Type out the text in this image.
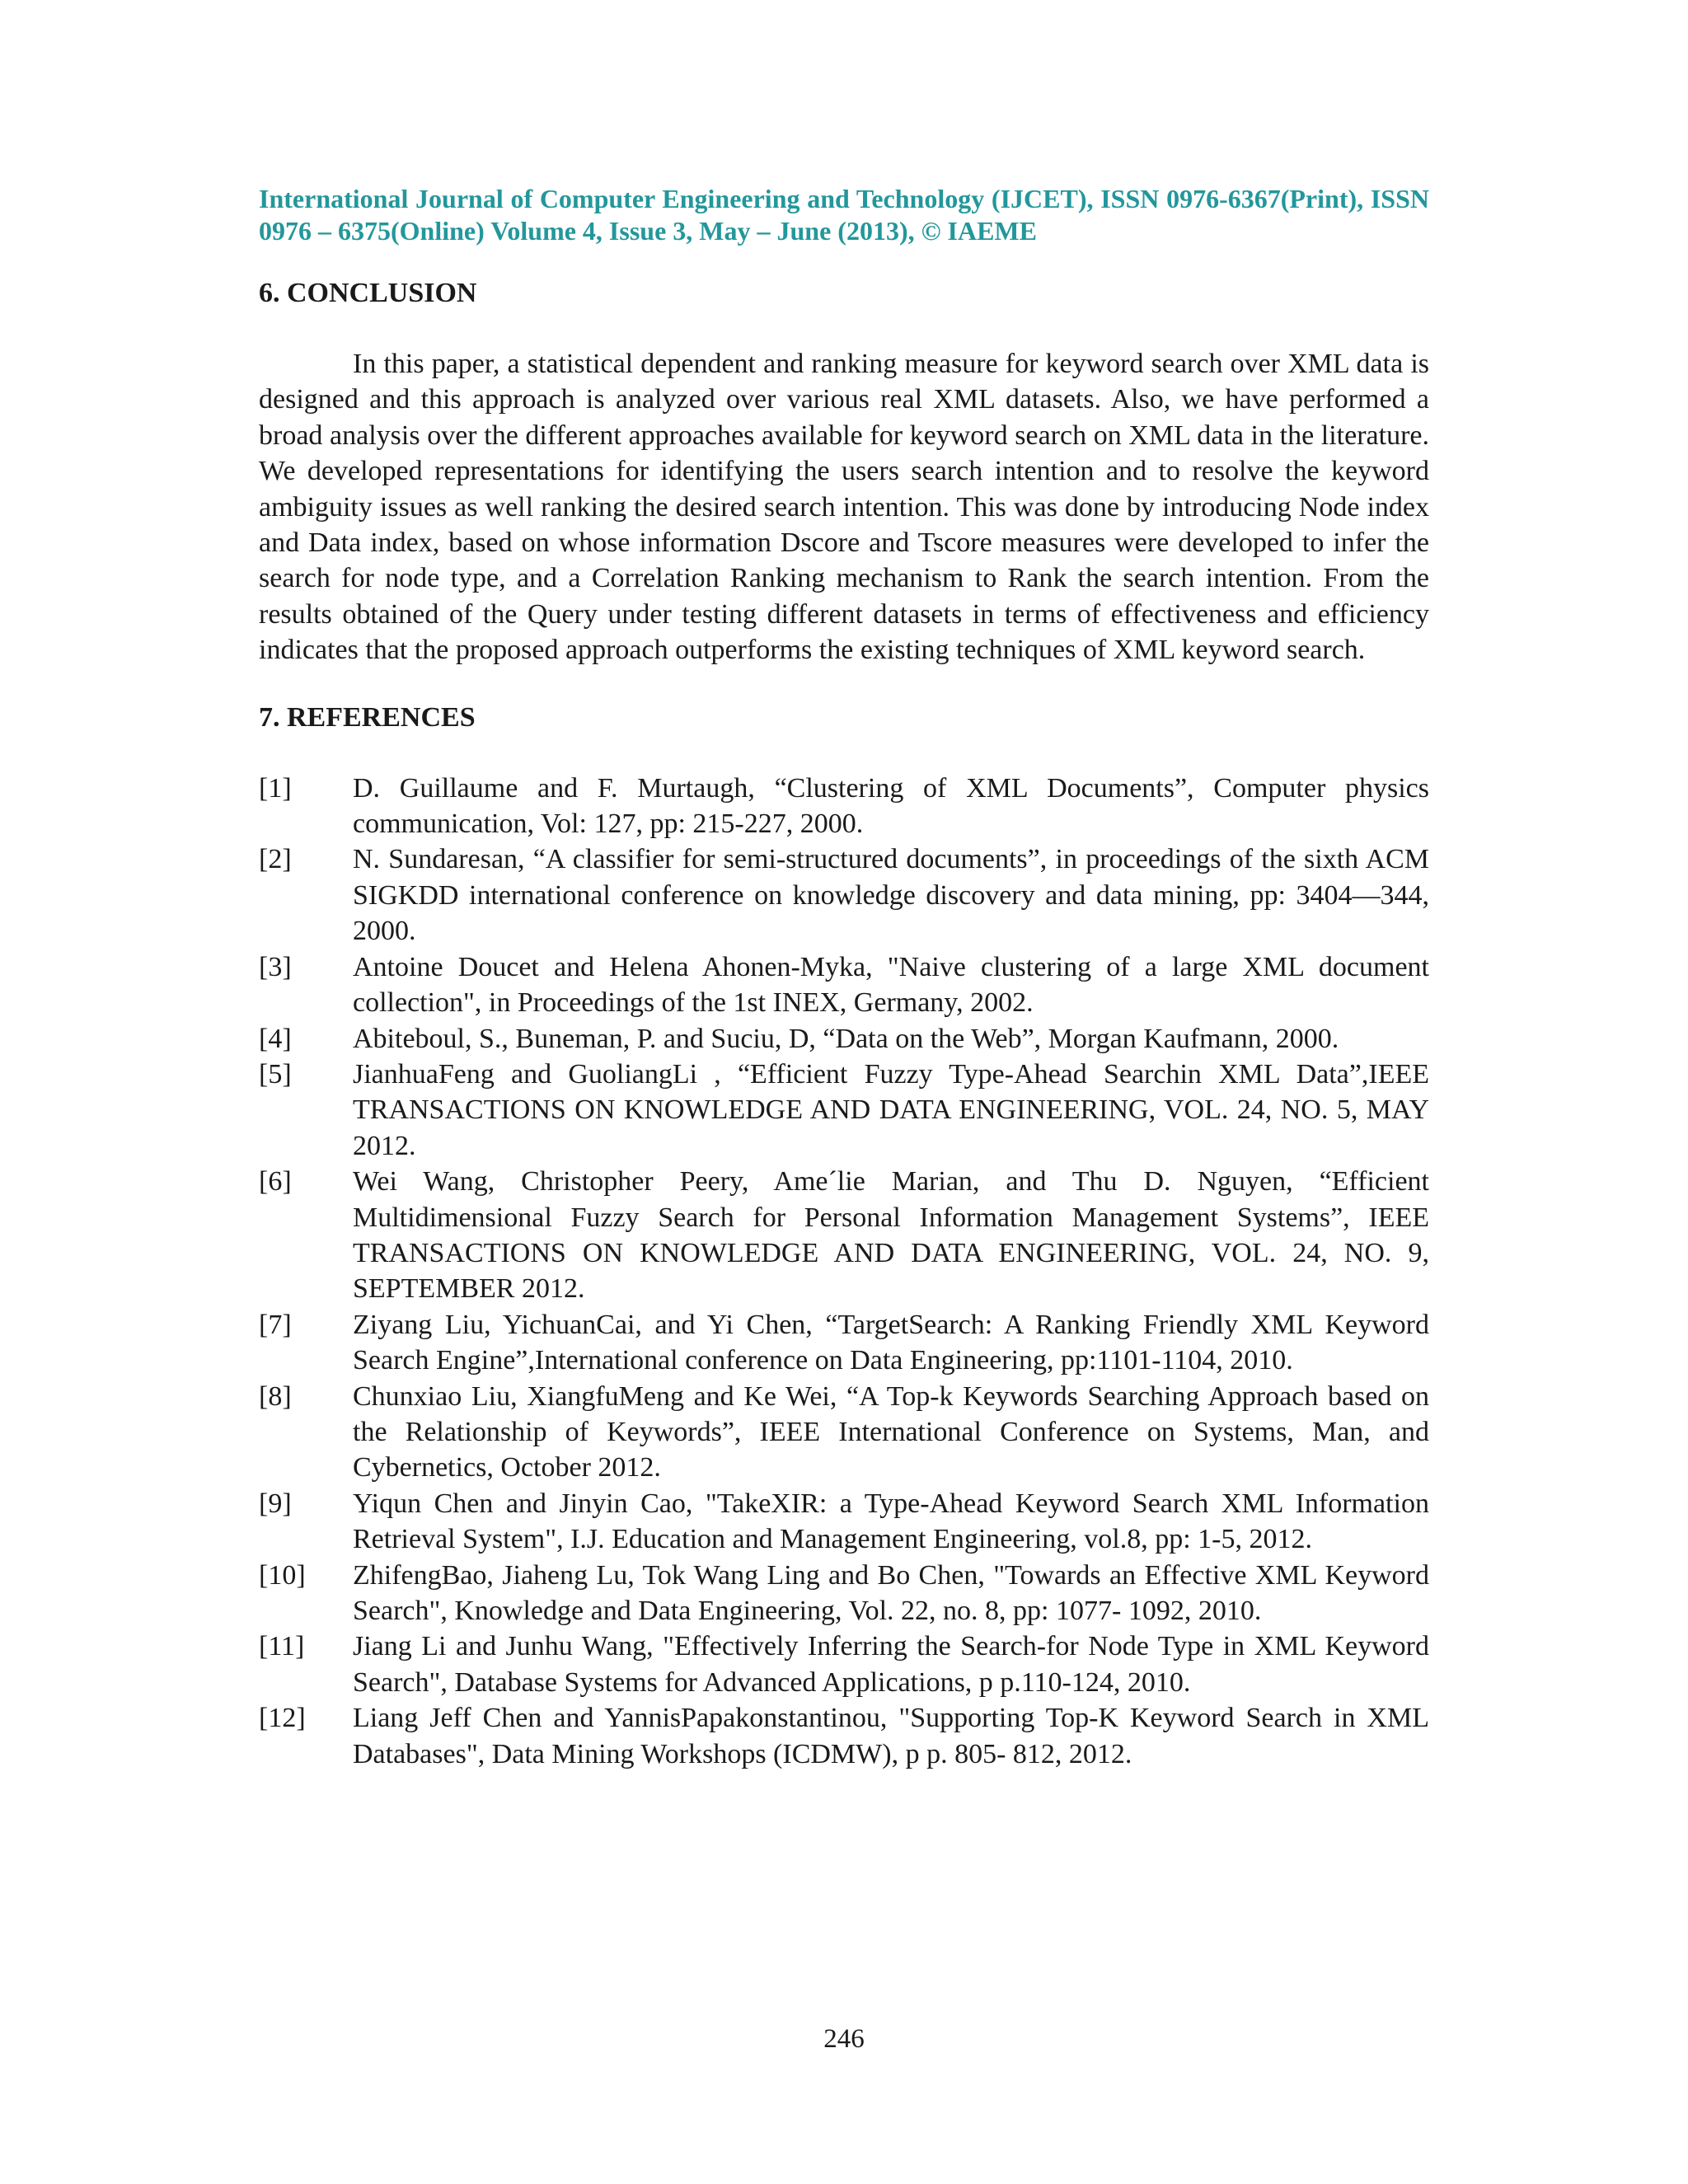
International Journal of Computer Engineering and Technology (IJCET), ISSN 0976-6367(Print), ISSN 0976 – 6375(Online) Volume 4, Issue 3, May – June (2013), © IAEME

6. CONCLUSION

In this paper, a statistical dependent and ranking measure for keyword search over XML data is designed and this approach is analyzed over various real XML datasets. Also, we have performed a broad analysis over the different approaches available for keyword search on XML data in the literature. We developed representations for identifying the users search intention and to resolve the keyword ambiguity issues as well ranking the desired search intention. This was done by introducing Node index and Data index, based on whose information Dscore and Tscore measures were developed to infer the search for node type, and a Correlation Ranking mechanism to Rank the search intention. From the results obtained of the Query under testing different datasets in terms of effectiveness and efficiency indicates that the proposed approach outperforms the existing techniques of XML keyword search.

7. REFERENCES
[1]	D. Guillaume and F. Murtaugh, “Clustering of XML Documents”, Computer physics communication, Vol: 127, pp: 215-227, 2000.
[2]	N. Sundaresan, “A classifier for semi-structured documents”, in proceedings of the sixth ACM SIGKDD international conference on knowledge discovery and data mining, pp: 3404—344, 2000.
[3]	Antoine Doucet and Helena Ahonen-Myka, "Naive clustering of a large XML document collection", in Proceedings of the 1st INEX, Germany, 2002.
[4]	Abiteboul, S., Buneman, P. and Suciu, D, “Data on the Web”, Morgan Kaufmann, 2000.
[5]	JianhuaFeng and GuoliangLi , “Efficient Fuzzy Type-Ahead Searchin XML Data”,IEEE TRANSACTIONS ON KNOWLEDGE AND DATA ENGINEERING, VOL. 24, NO. 5, MAY 2012.
[6]	Wei Wang, Christopher Peery, Ame´lie Marian, and Thu D. Nguyen, “Efficient Multidimensional Fuzzy Search for Personal Information Management Systems”, IEEE TRANSACTIONS ON KNOWLEDGE AND DATA ENGINEERING, VOL. 24, NO. 9, SEPTEMBER 2012.
[7]	Ziyang Liu, YichuanCai, and Yi Chen, “TargetSearch: A Ranking Friendly XML Keyword Search Engine”,International conference on Data Engineering, pp:1101-1104, 2010.
[8]	Chunxiao Liu, XiangfuMeng and Ke Wei, “A Top-k Keywords Searching Approach based on the Relationship of Keywords”, IEEE International Conference on Systems, Man, and Cybernetics, October 2012.
[9]	Yiqun Chen and Jinyin Cao, "TakeXIR: a Type-Ahead Keyword Search XML Information Retrieval System", I.J. Education and Management Engineering, vol.8, pp: 1-5, 2012.
[10]	ZhifengBao, Jiaheng Lu, Tok Wang Ling and Bo Chen, "Towards an Effective XML Keyword Search", Knowledge and Data Engineering, Vol. 22, no. 8, pp: 1077- 1092, 2010.
[11]	Jiang Li and Junhu Wang, "Effectively Inferring the Search-for Node Type in XML Keyword Search", Database Systems for Advanced Applications, p p.110-124, 2010.
[12]	Liang Jeff Chen and YannisPapakonstantinou, "Supporting Top-K Keyword Search in XML Databases", Data Mining Workshops (ICDMW), p p. 805- 812, 2012.
246
